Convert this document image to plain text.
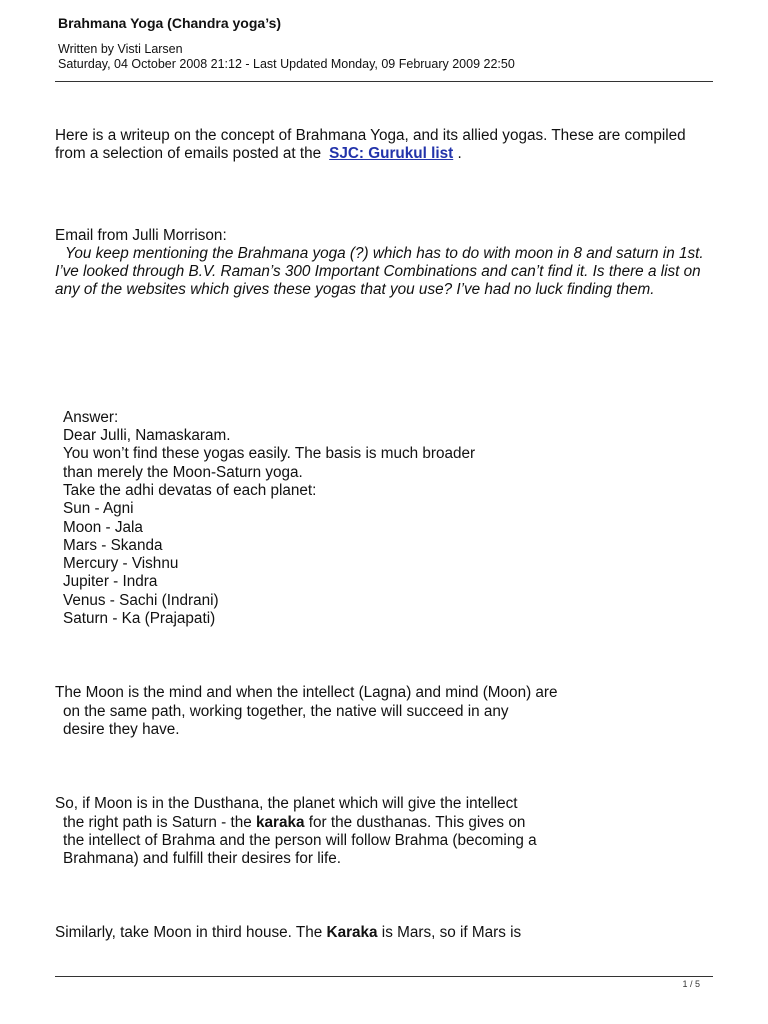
Brahmana Yoga (Chandra yoga’s)
Written by Visti Larsen
Saturday, 04 October 2008 21:12 - Last Updated Monday, 09 February 2009 22:50
Here is a writeup on the concept of Brahmana Yoga, and its allied yogas. These are compiled
from a selection of emails posted at the SJC: Gurukul list .
Email from Julli Morrison:
You keep mentioning the Brahmana yoga (?) which has to do with moon in 8 and saturn in 1st.
I’ve looked through B.V. Raman’s 300 Important Combinations and can’t find it. Is there a list on
any of the websites which gives these yogas that you use? I’ve had no luck finding them.
Answer:
Dear Julli, Namaskaram.
You won’t find these yogas easily. The basis is much broader
than merely the Moon-Saturn yoga.
Take the adhi devatas of each planet:
Sun - Agni
Moon - Jala
Mars - Skanda
Mercury - Vishnu
Jupiter - Indra
Venus - Sachi (Indrani)
Saturn - Ka (Prajapati)
The Moon is the mind and when the intellect (Lagna) and mind (Moon) are
on the same path, working together, the native will succeed in any
desire they have.
So, if Moon is in the Dusthana, the planet which will give the intellect
the right path is Saturn - the karaka for the dusthanas. This gives on
the intellect of Brahma and the person will follow Brahma (becoming a
Brahmana) and fulfill their desires for life.
Similarly, take Moon in third house. The Karaka is Mars, so if Mars is
1 / 5
